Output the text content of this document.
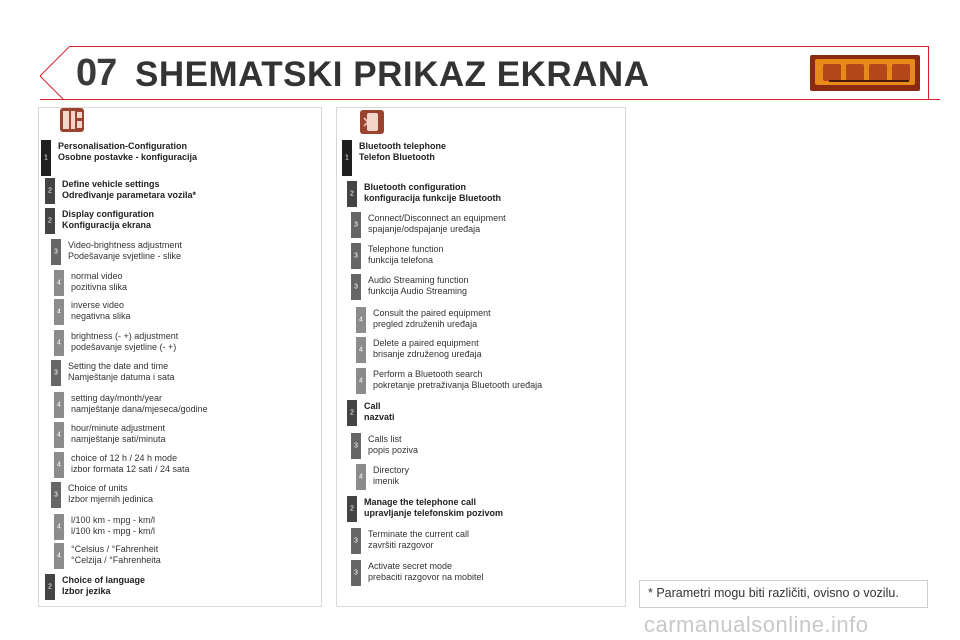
07 SHEMATSKI PRIKAZ EKRANA
1
Personalisation-Configuration
Osobne postavke - konfiguracija
2
Define vehicle settings
Određivanje parametara vozila*
2
Display configuration
Konfiguracija ekrana
3
Video-brightness adjustment
Podešavanje svjetline - slike
4
normal video
pozitivna slika
4
inverse video
negativna slika
4
brightness (- +) adjustment
podešavanje svjetline (- +)
3
Setting the date and time
Namještanje datuma i sata
4
setting day/month/year
namještanje dana/mjeseca/godine
4
hour/minute adjustment
namještanje sati/minuta
4
choice of 12 h / 24 h mode
izbor formata 12 sati / 24 sata
3
Choice of units
Izbor mjernih jedinica
4
l/100 km - mpg - km/l
l/100 km - mpg - km/l
4
°Celsius / °Fahrenheit
°Celzija / °Fahrenheita
2
Choice of language
Izbor jezika
1
Bluetooth telephone
Telefon Bluetooth
2
Bluetooth configuration
konfiguracija funkcije Bluetooth
3
Connect/Disconnect an equipment
spajanje/odspajanje uređaja
3
Telephone function
funkcija telefona
3
Audio Streaming function
funkcija Audio Streaming
4
Consult the paired equipment
pregled združenih uređaja
4
Delete a paired equipment
brisanje združenog uređaja
4
Perform a Bluetooth search
pokretanje pretraživanja Bluetooth uređaja
2
Call
nazvati
3
Calls list
popis poziva
4
Directory
imenik
2
Manage the telephone call
upravljanje telefonskim pozivom
3
Terminate the current call
završiti razgovor
3
Activate secret mode
prebaciti razgovor na mobitel
* Parametri mogu biti različiti, ovisno o vozilu.
carmanualsonline.info
